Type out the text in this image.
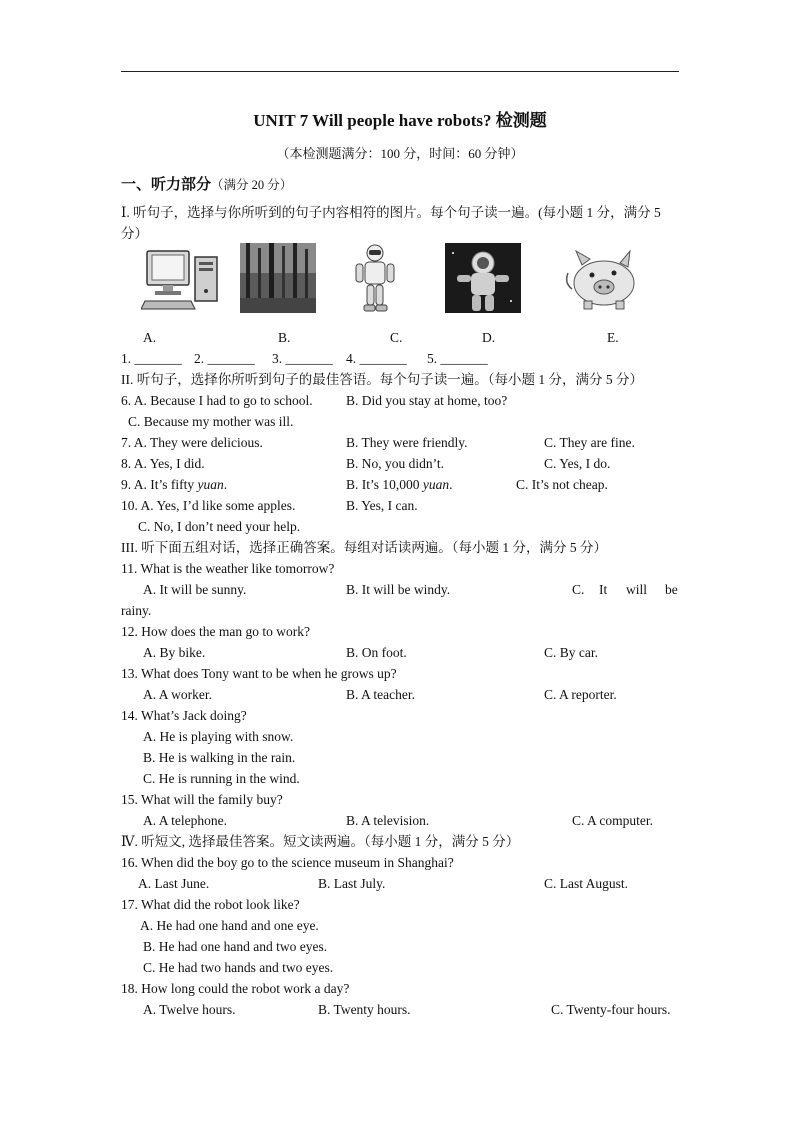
UNIT 7 Will people have robots? 检测题
（本检测题满分：100 分，时间：60 分钟）
一、听力部分（满分 20 分）
Ⅰ. 听句子，选择与你所听到的句子内容相符的图片。每个句子读一遍。(每小题 1 分，满分 5
分）
A.	B.	C.	D.	E.
1. _______ 2. _______ 3. _______ 4. _______ 5. _______
II. 听句子，选择你所听到句子的最佳答语。每个句子读一遍。（每小题 1 分，满分 5 分）
6. A. Because I had to go to school. B. Did you stay at home, too?
C. Because my mother was ill.
7. A. They were delicious.	B. They were friendly.	C. They are fine.
8. A. Yes, I did.	B. No, you didn’t.	C. Yes, I do.
9. A. It’s fifty yuan.	B. It’s 10,000 yuan.	C. It’s not cheap.
10. A. Yes, I’d like some apples.	B. Yes, I can.
C. No, I don’t need your help.
III. 听下面五组对话，选择正确答案。每组对话读两遍。（每小题 1 分，满分 5 分）
11. What is the weather like tomorrow?
A. It will be sunny.	B. It will be windy.	C. It will be
rainy.
12. How does the man go to work?
A. By bike.	B. On foot.	C. By car.
13. What does Tony want to be when he grows up?
A. A worker.	B. A teacher.	C. A reporter.
14. What’s Jack doing?
A. He is playing with snow.
B. He is walking in the rain.
C. He is running in the wind.
15. What will the family buy?
A. A telephone.	B. A television.	C. A computer.
Ⅳ. 听短文, 选择最佳答案。短文读两遍。（每小题 1 分，满分 5 分）
16. When did the boy go to the science museum in Shanghai?
A. Last June.	B. Last July.	C. Last August.
17. What did the robot look like?
A. He had one hand and one eye.
B. He had one hand and two eyes.
C. He had two hands and two eyes.
18. How long could the robot work a day?
A. Twelve hours.	B. Twenty hours.	C. Twenty-four hours.
